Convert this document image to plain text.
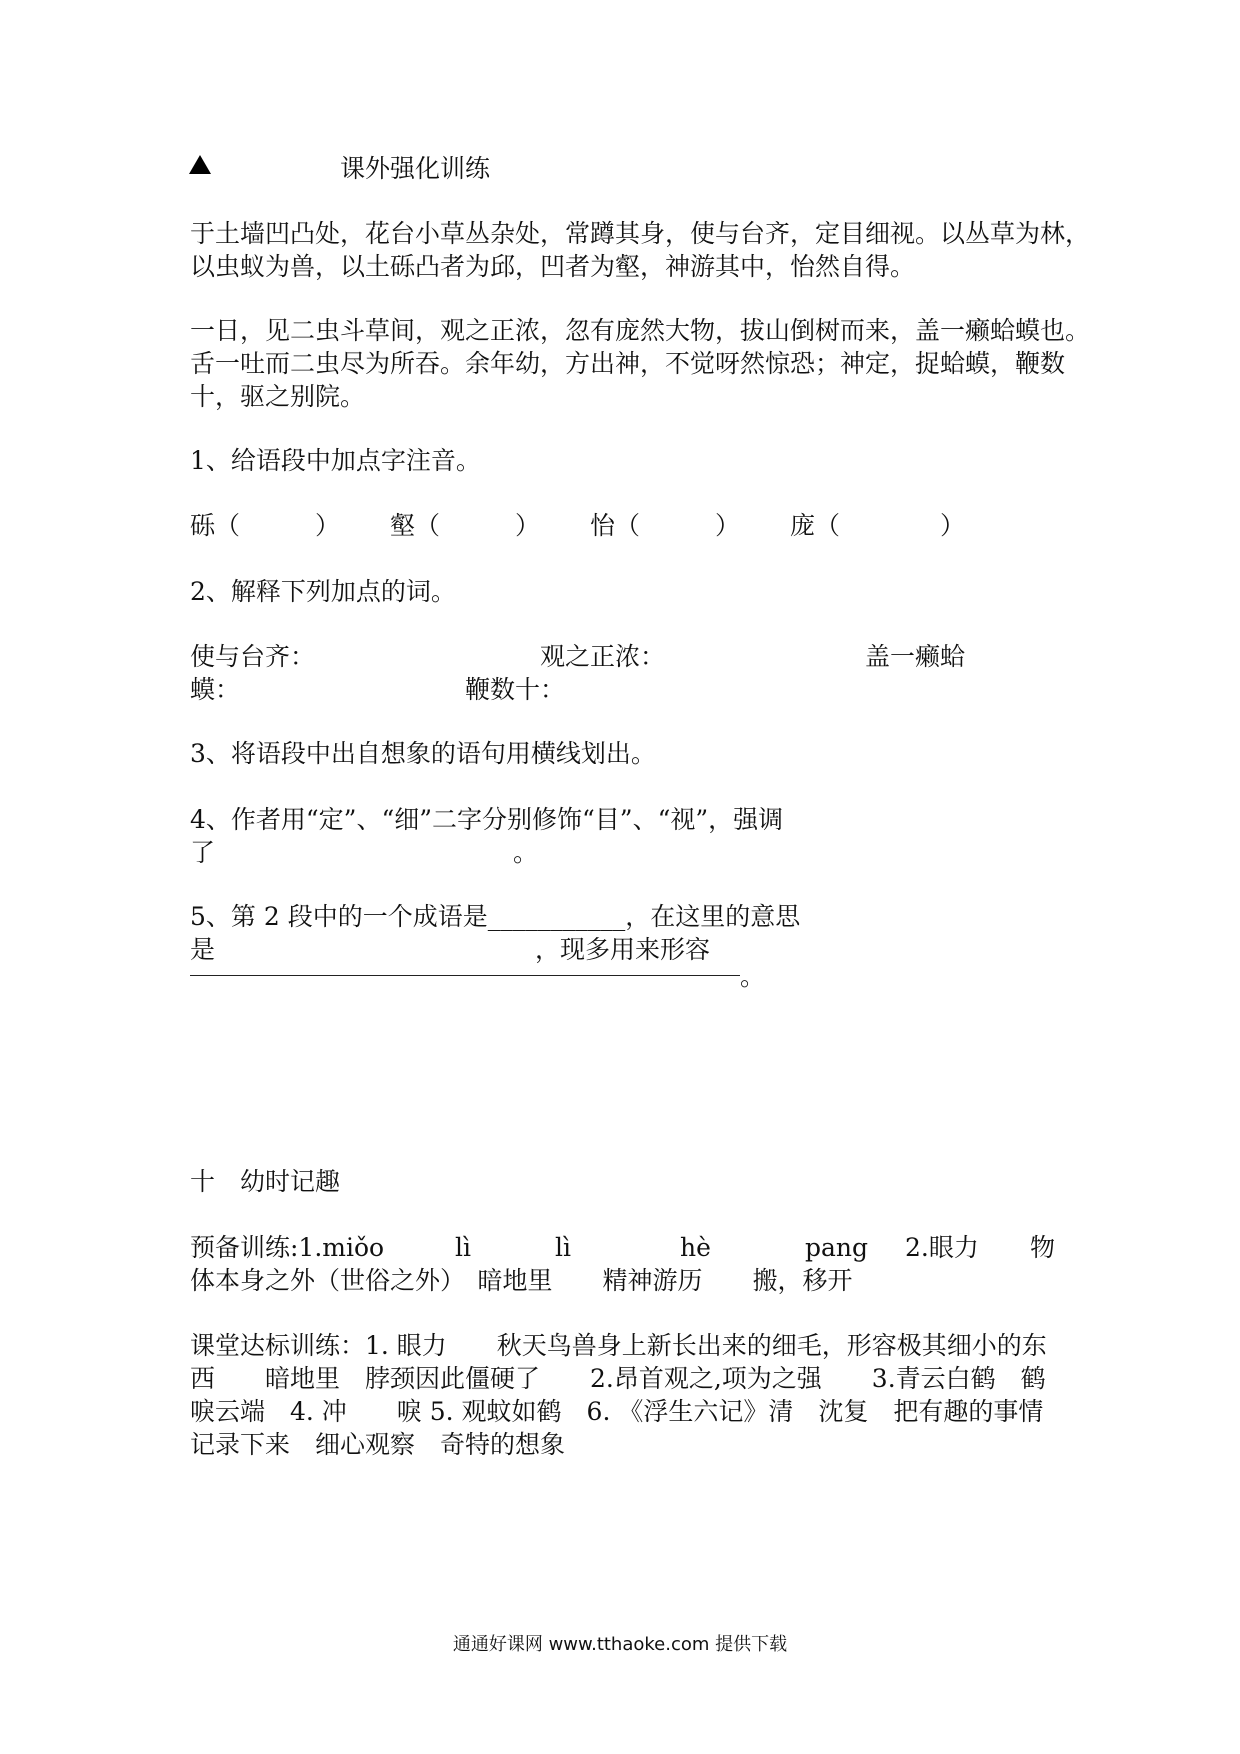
课外强化训练
于土墙凹凸处，花台小草丛杂处，常蹲其身，使与台齐，定目细视。以丛草为林，
以虫蚁为兽，以土砾凸者为邱，凹者为壑，神游其中，怡然自得。
一日，见二虫斗草间，观之正浓，忽有庞然大物，拔山倒树而来，盖一癞蛤蟆也。
舌一吐而二虫尽为所吞。余年幼，方出神，不觉呀然惊恐；神定，捉蛤蟆，鞭数
十，驱之别院。
1、给语段中加点字注音。
砾（　　　） 壑（　　　） 怡（　　　） 庞（　　　　）
2、解释下列加点的词。
使与台齐：	观之正浓：	盖一癞蛤
蟆：	鞭数十：
3、将语段中出自想象的语句用横线划出。
4、作者用“定”、“细”二字分别修饰“目”、“视”，强调
了	。
5、第 2 段中的一个成语是___________，在这里的意思
是	，现多用来形容
。
十　幼时记趣
预备训练:1.miǒo	lì	lì	hè	pang 2.眼力 物
体本身之外（世俗之外）　暗地里　　精神游历　　搬，移开
课堂达标训练：1. 眼力　　秋天鸟兽身上新长出来的细毛，形容极其细小的东
西　　暗地里　脖颈因此僵硬了　　2.昂首观之,项为之强　　3.青云白鹤　鹤
唳云端　4. 冲　　唳 5. 观蚊如鹤　6. 《浮生六记》清　沈复　把有趣的事情
记录下来　细心观察　奇特的想象
通通好课网 www.tthaoke.com 提供下载
